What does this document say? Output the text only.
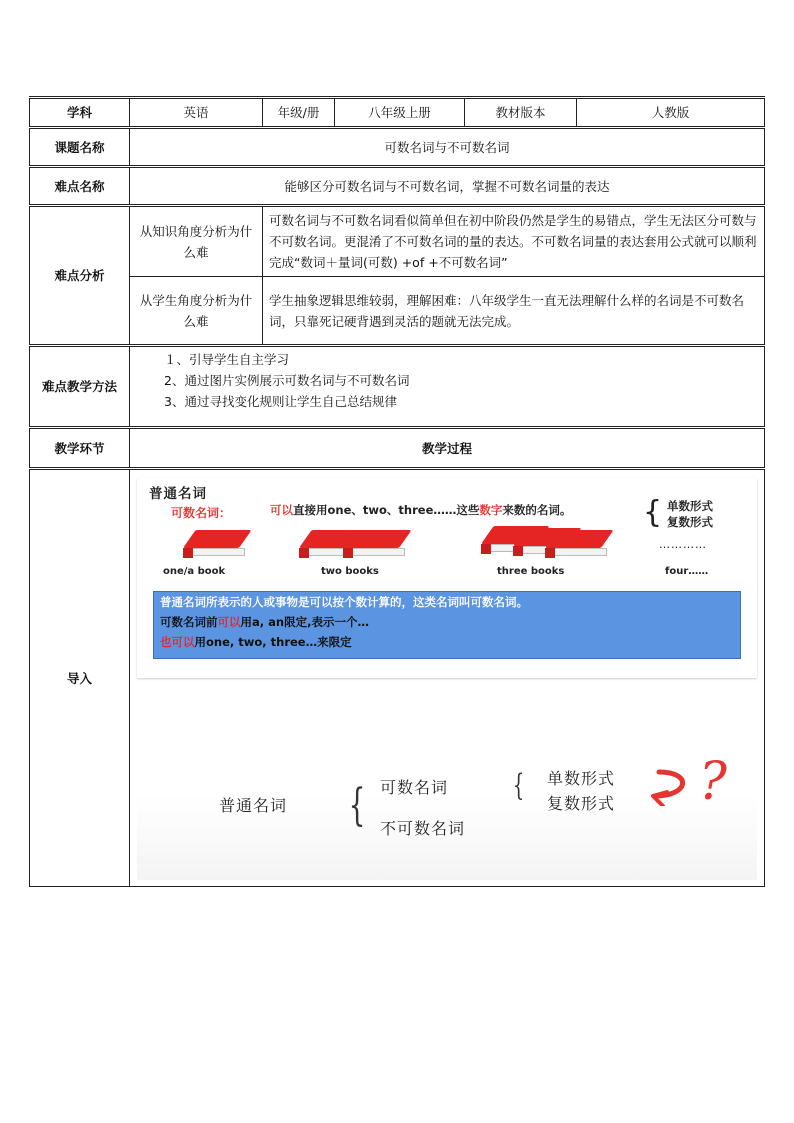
学科	英语	年级/册	八年级上册	教材版本	人教版
课题名称	可数名词与不可数名词				
难点名称	能够区分可数名词与不可数名词，掌握不可数名词量的表达				
难点分析	从知识角度分析为什么难	可数名词与不可数名词看似简单但在初中阶段仍然是学生的易错点，学生无法区分可数与不可数名词。更混淆了不可数名词的量的表达。不可数名词量的表达套用公式就可以顺利完成“数词＋量词(可数) +of +不可数名词”			
	从学生角度分析为什么难	学生抽象逻辑思维较弱，理解困难：八年级学生一直无法理解什么样的名词是不可数名词，只靠死记硬背遇到灵活的题就无法完成。			
难点教学方法	１、引导学生自主学习
2、通过图片实例展示可数名词与不可数名词
3、通过寻找变化规则让学生自己总结规律				

教学环节	教学过程				
导入					
普通名词
可数名词：	可以直接用one、two、three……这些数字来数的名词。	{ 单数形式
复数形式
…………
one/a book	two books	three books	four……
普通名词所表示的人或事物是可以按个数计算的，这类名词叫可数名词。
可数名词前可以用a, an限定,表示一个…
也可以用one, two, three…来限定
普通名词 { 可数名词
不可数名词
{ 单数形式
复数形式 ?
